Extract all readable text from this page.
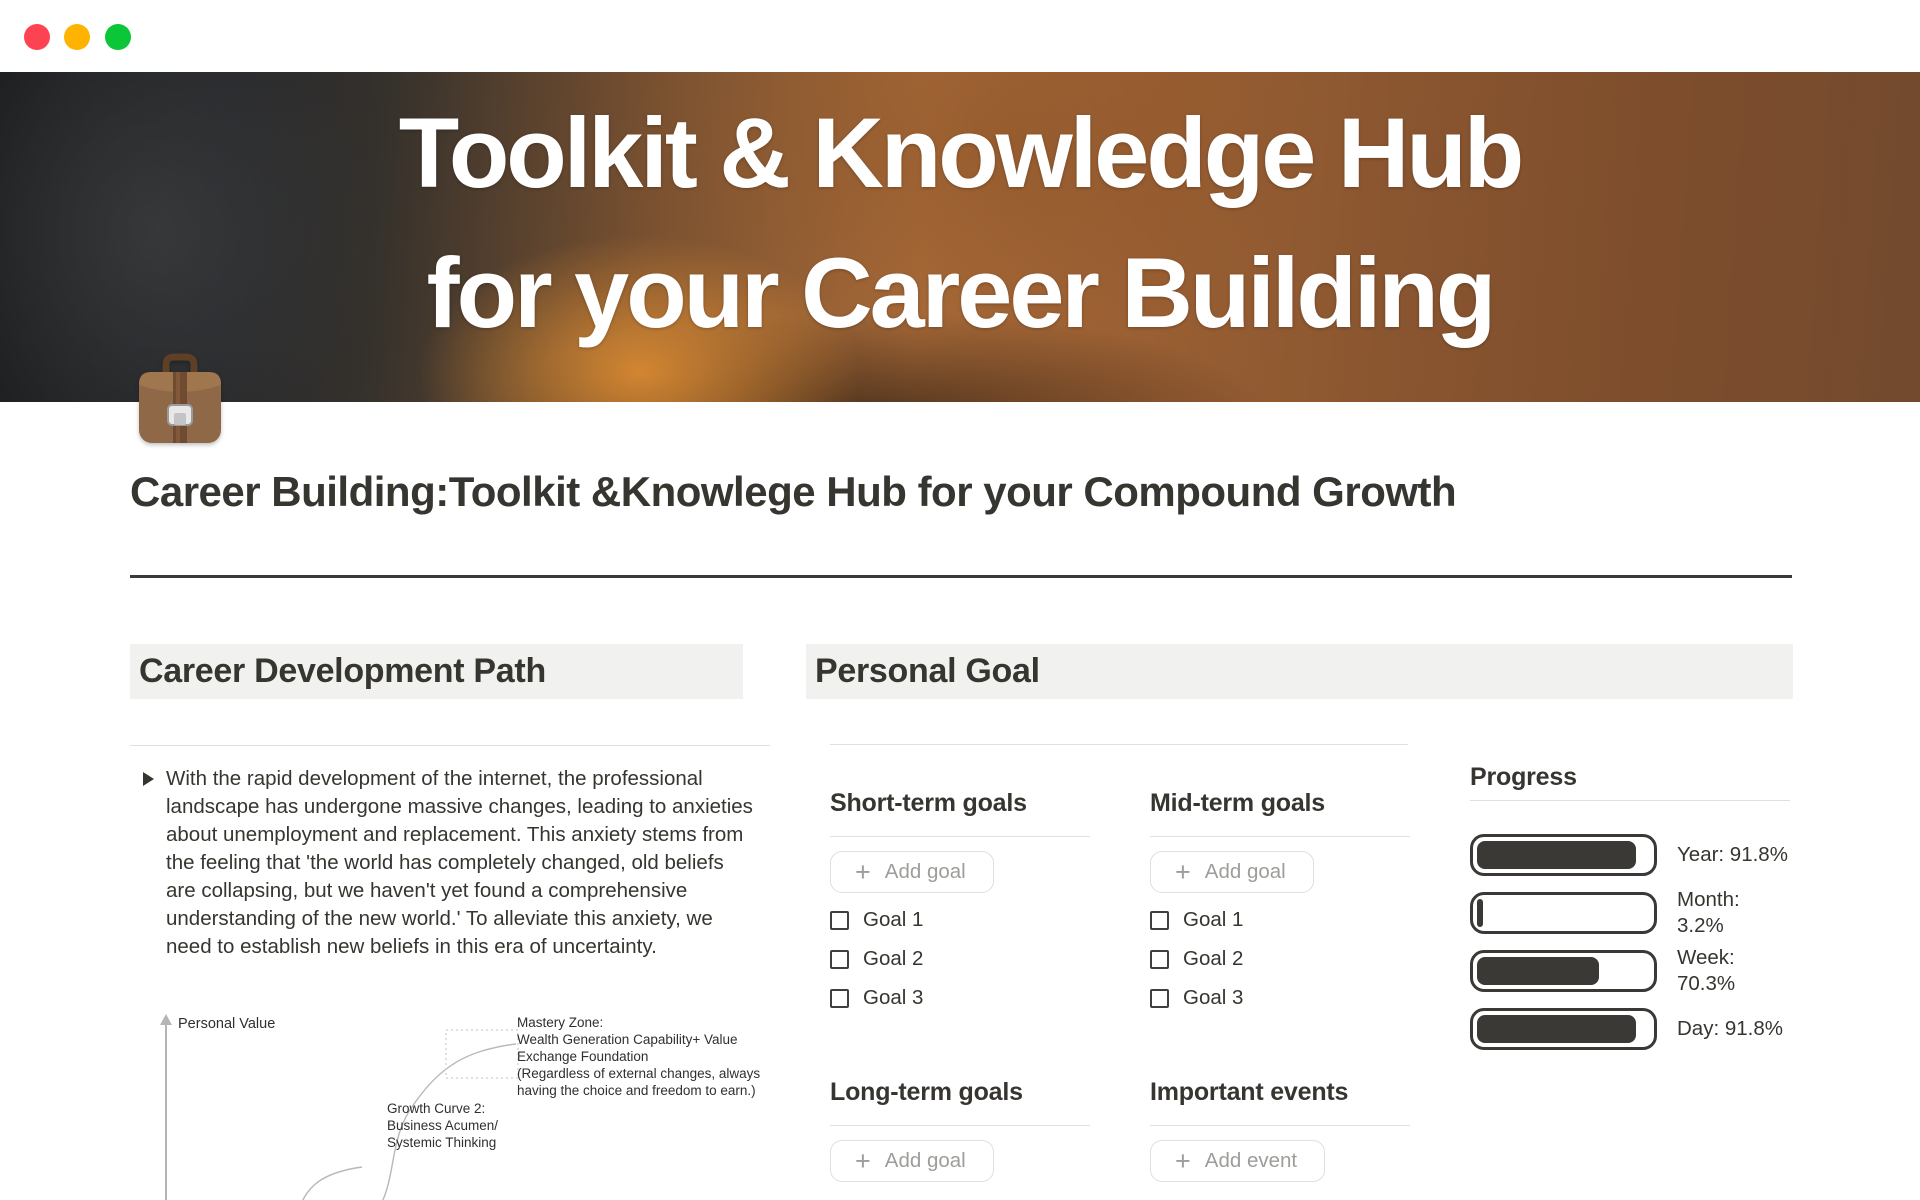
Toolkit & Knowledge Hub
for your Career Building
Career Building:Toolkit &Knowlege Hub for your Compound Growth
Career Development Path
With the rapid development of the internet, the professional landscape has undergone massive changes, leading to anxieties about unemployment and replacement. This anxiety stems from the feeling that 'the world has completely changed, old beliefs are collapsing, but we haven't yet found a comprehensive understanding of the new world.' To alleviate this anxiety, we need to establish new beliefs in this era of uncertainty.
Personal Value	Mastery Zone:
Wealth Generation Capability+ Value
Exchange Foundation
(Regardless of external changes, always
having the choice and freedom to earn.)
Growth Curve 2:
Business Acumen/
Systemic Thinking
Personal Goal
Short-term goals
+ Add goal
Goal 1
Goal 2
Goal 3
Long-term goals
+ Add goal
Mid-term goals
+ Add goal
Goal 1
Goal 2
Goal 3
Important events
+ Add event
Progress
Year: 91.8%
Month: 3.2%
Week: 70.3%
Day: 91.8%
